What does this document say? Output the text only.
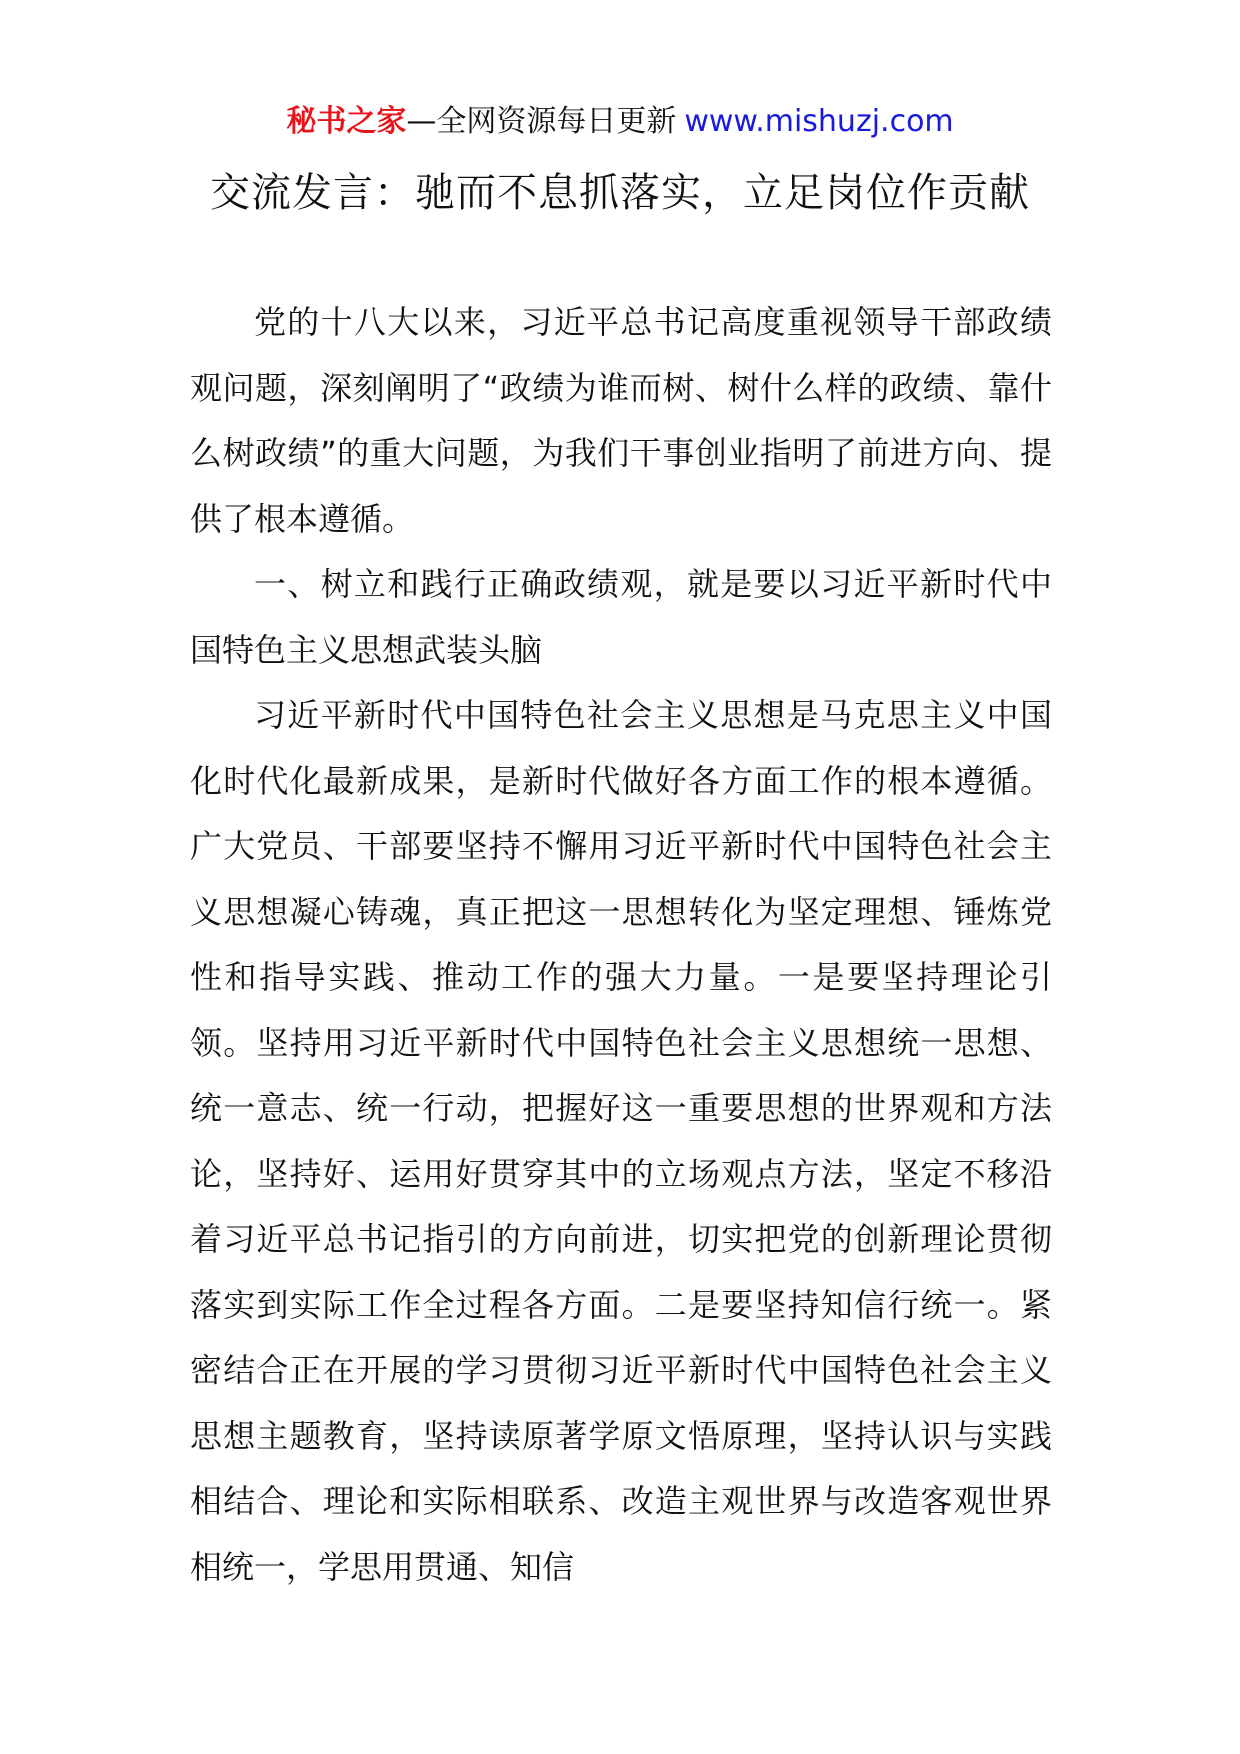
秘书之家—全网资源每日更新 www.mishuzj.com
交流发言：驰而不息抓落实，立足岗位作贡献

党的十八大以来，习近平总书记高度重视领导干部政绩观问题，深刻阐明了“政绩为谁而树、树什么样的政绩、靠什么树政绩”的重大问题，为我们干事创业指明了前进方向、提供了根本遵循。

一、树立和践行正确政绩观，就是要以习近平新时代中国特色主义思想武装头脑

习近平新时代中国特色社会主义思想是马克思主义中国化时代化最新成果，是新时代做好各方面工作的根本遵循。广大党员、干部要坚持不懈用习近平新时代中国特色社会主义思想凝心铸魂，真正把这一思想转化为坚定理想、锤炼党性和指导实践、推动工作的强大力量。一是要坚持理论引领。坚持用习近平新时代中国特色社会主义思想统一思想、统一意志、统一行动，把握好这一重要思想的世界观和方法论，坚持好、运用好贯穿其中的立场观点方法，坚定不移沿着习近平总书记指引的方向前进，切实把党的创新理论贯彻落实到实际工作全过程各方面。二是要坚持知信行统一。紧密结合正在开展的学习贯彻习近平新时代中国特色社会主义思想主题教育，坚持读原著学原文悟原理，坚持认识与实践相结合、理论和实际相联系、改造主观世界与改造客观世界相统一，学思用贯通、知信
